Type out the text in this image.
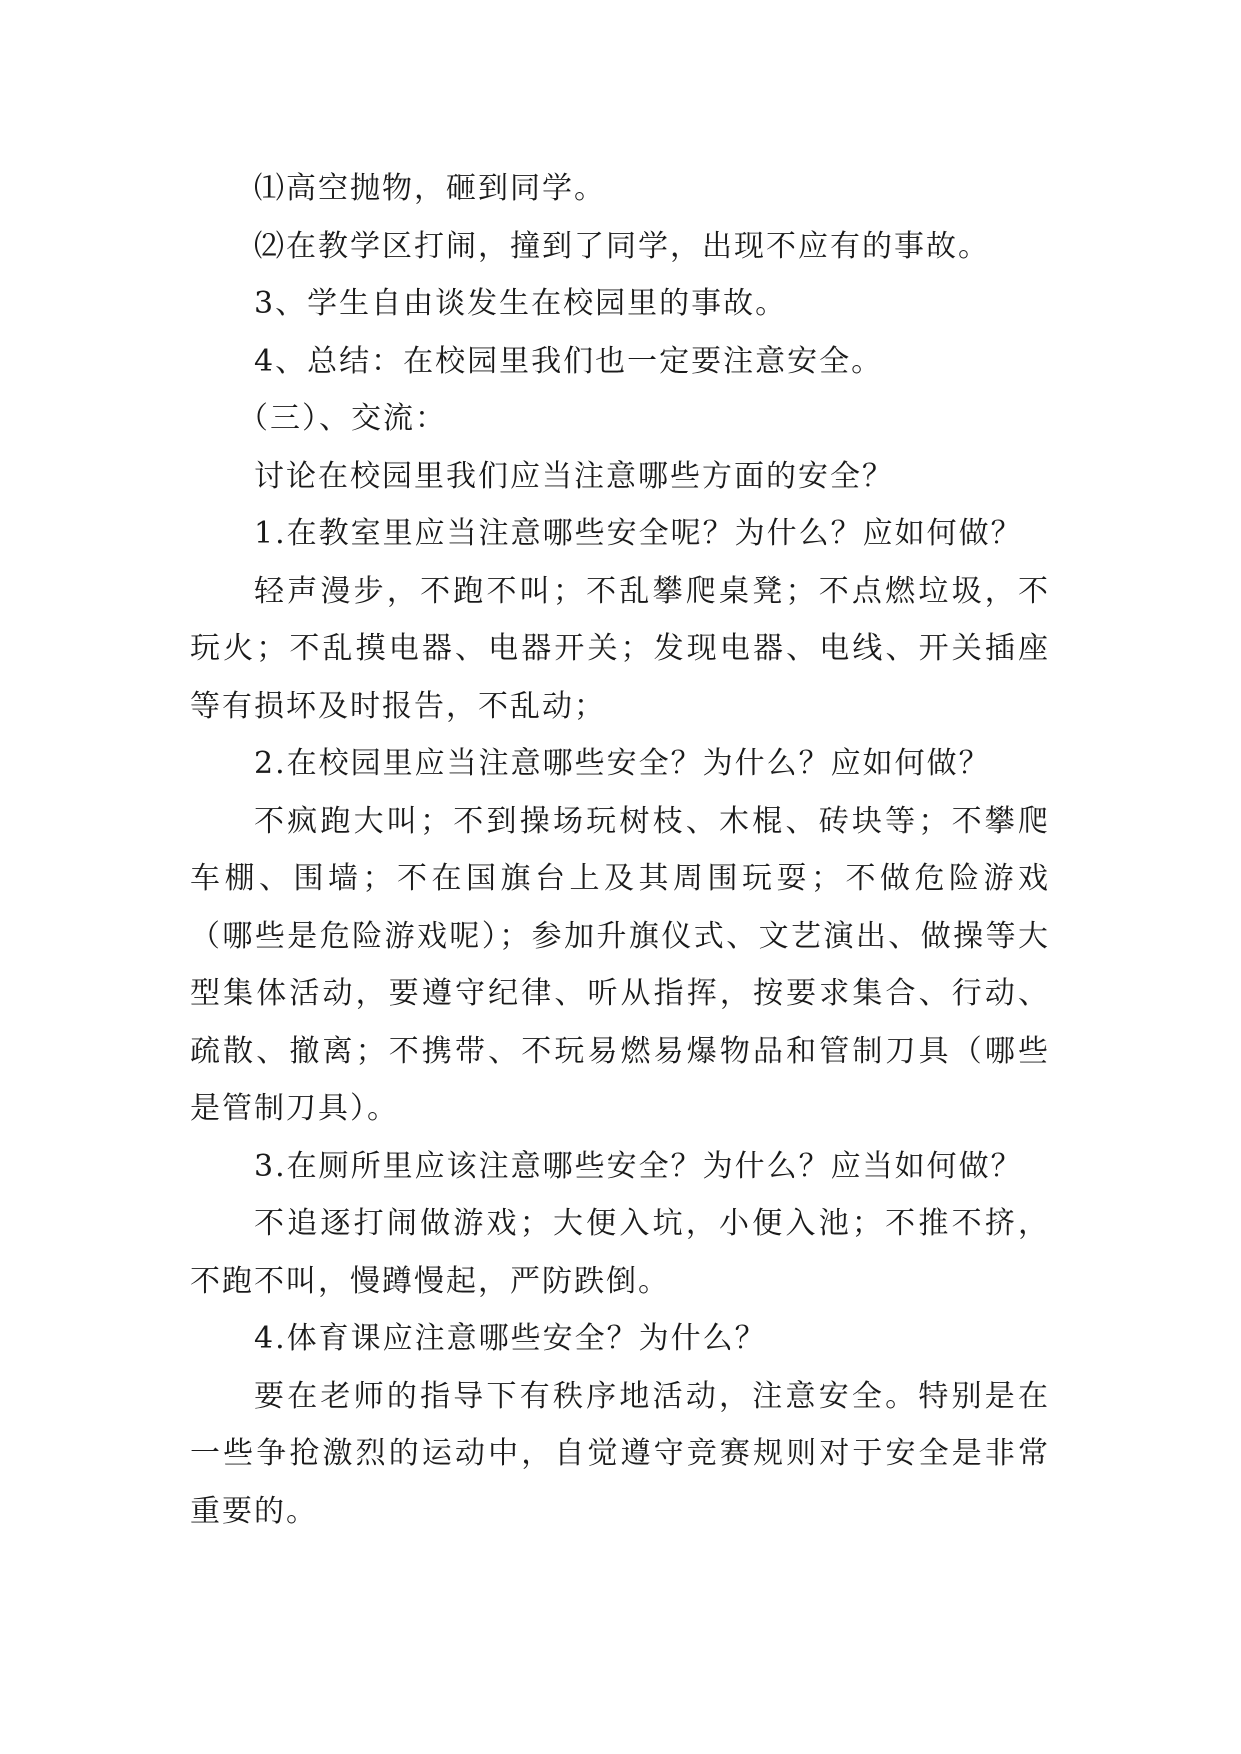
⑴高空抛物，砸到同学。

⑵在教学区打闹，撞到了同学，出现不应有的事故。

3、学生自由谈发生在校园里的事故。

4、总结：在校园里我们也一定要注意安全。

（三）、交流：

讨论在校园里我们应当注意哪些方面的安全？

1.在教室里应当注意哪些安全呢？为什么？应如何做？

轻声漫步，不跑不叫；不乱攀爬桌凳；不点燃垃圾，不玩火；不乱摸电器、电器开关；发现电器、电线、开关插座等有损坏及时报告，不乱动；

2.在校园里应当注意哪些安全？为什么？应如何做？

不疯跑大叫；不到操场玩树枝、木棍、砖块等；不攀爬车棚、围墙；不在国旗台上及其周围玩耍；不做危险游戏（哪些是危险游戏呢）；参加升旗仪式、文艺演出、做操等大型集体活动，要遵守纪律、听从指挥，按要求集合、行动、疏散、撤离；不携带、不玩易燃易爆物品和管制刀具（哪些是管制刀具）。

3.在厕所里应该注意哪些安全？为什么？应当如何做？

不追逐打闹做游戏；大便入坑，小便入池；不推不挤，不跑不叫，慢蹲慢起，严防跌倒。

4.体育课应注意哪些安全？为什么？

要在老师的指导下有秩序地活动，注意安全。特别是在一些争抢激烈的运动中，自觉遵守竞赛规则对于安全是非常重要的。
